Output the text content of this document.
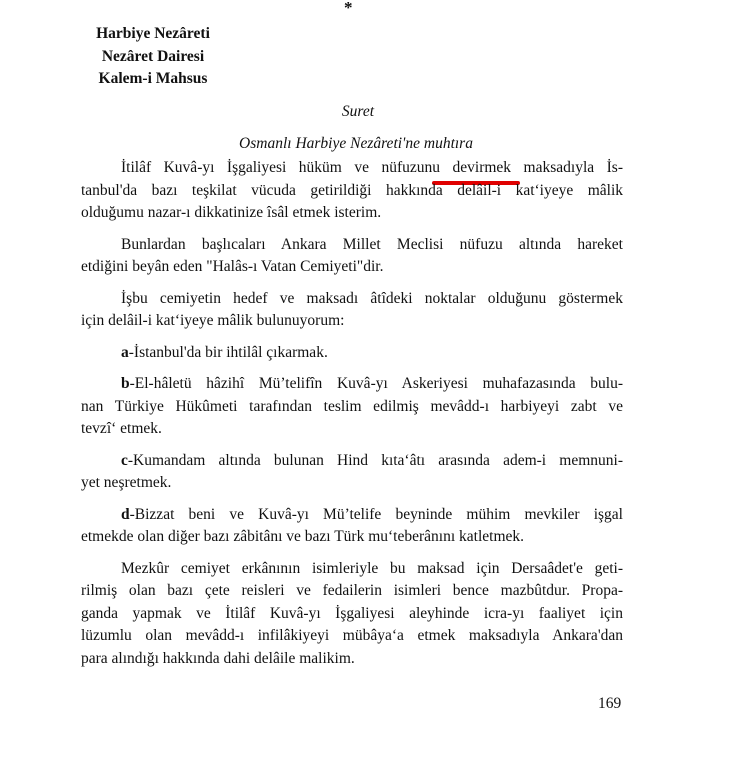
*
Harbiye Nezâreti
Nezâret Dairesi
Kalem-i Mahsus
Suret
Osmanlı Harbiye Nezâreti'ne muhtıra
İtilâf Kuvâ-yı İşgaliyesi hüküm ve nüfuzunu devirmek maksadıyla İs-
tanbul'da bazı teşkilat vücuda getirildiği hakkında delâil-i kat‘iyeye mâlik
olduğumu nazar-ı dikkatinize îsâl etmek isterim.
Bunlardan başlıcaları Ankara Millet Meclisi nüfuzu altında hareket
etdiğini beyân eden "Halâs-ı Vatan Cemiyeti"dir.
İşbu cemiyetin hedef ve maksadı âtîdeki noktalar olduğunu göstermek
için delâil-i kat‘iyeye mâlik bulunuyorum:
a-İstanbul'da bir ihtilâl çıkarmak.
b-El-hâletü hâzihî Mü’telifîn Kuvâ-yı Askeriyesi muhafazasında bulu-
nan Türkiye Hükûmeti tarafından teslim edilmiş mevâdd-ı harbiyeyi zabt ve
tevzî‘ etmek.
c-Kumandam altında bulunan Hind kıta‘âtı arasında adem-i memnuni-
yet neşretmek.
d-Bizzat beni ve Kuvâ-yı Mü’telife beyninde mühim mevkiler işgal
etmekde olan diğer bazı zâbitânı ve bazı Türk mu‘teberânını katletmek.
Mezkûr cemiyet erkânının isimleriyle bu maksad için Dersaâdet'e geti-
rilmiş olan bazı çete reisleri ve fedailerin isimleri bence mazbûtdur. Propa-
ganda yapmak ve İtilâf Kuvâ-yı İşgaliyesi aleyhinde icra-yı faaliyet için
lüzumlu olan mevâdd-ı infilâkiyeyi mübâya‘a etmek maksadıyla Ankara'dan
para alındığı hakkında dahi delâile malikim.
169
